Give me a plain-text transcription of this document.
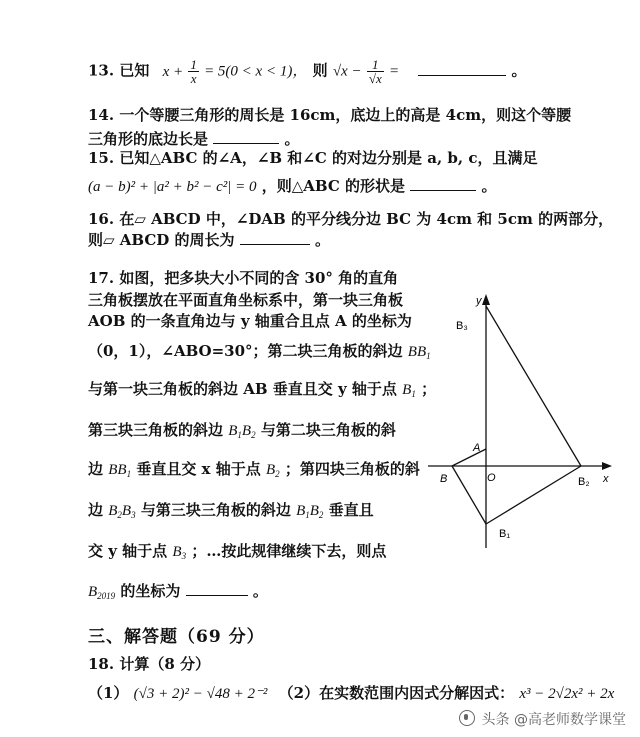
13. 已知 $x + \frac{1}{x} = 5(0 < x < 1)$， 则 $√x - \frac{1}{√x}$ =	。
14. 一个等腰三角形的周长是 16cm，底边上的高是 4cm，则这个等腰
三角形的底边长是	。
15. 已知△ABC 的∠A，∠B 和∠C 的对边分别是 a, b, c，且满足
(a − b)² + |a² + b² − c²| = 0 ，则△ABC 的形状是	。
16. 在▱ ABCD 中，∠DAB 的平分线分边 BC 为 4cm 和 5cm 的两部分，
则▱ ABCD 的周长为	。
17. 如图，把多块大小不同的含 30° 角的直角
三角板摆放在平面直角坐标系中，第一块三角板
AOB 的一条直角边与 y 轴重合且点 A 的坐标为
（0，1），∠ABO=30°；第二块三角板的斜边 $BB_1$
与第一块三角板的斜边 AB 垂直且交 y 轴于点 $B_1$ ；
第三块三角板的斜边 $B_1B_2$ 与第二块三角板的斜
边 $BB_1$ 垂直且交 x 轴于点 $B_2$ ；第四块三角板的斜
边 $B_2B_3$ 与第三块三角板的斜边 $B_1B_2$ 垂直且
交 y 轴于点 $B_3$ ；…按此规律继续下去，则点
$B_{2019}$ 的坐标为	。
y
x
B₃
A
B	O	B₂
B₁
三、解答题（69 分）
18. 计算（8 分）
（1） (√3 + 2)² − √48 + 2⁻² （2）在实数范围内因式分解因式： x³ − 2√2x² + 2x
头条 @高老师数学课堂
